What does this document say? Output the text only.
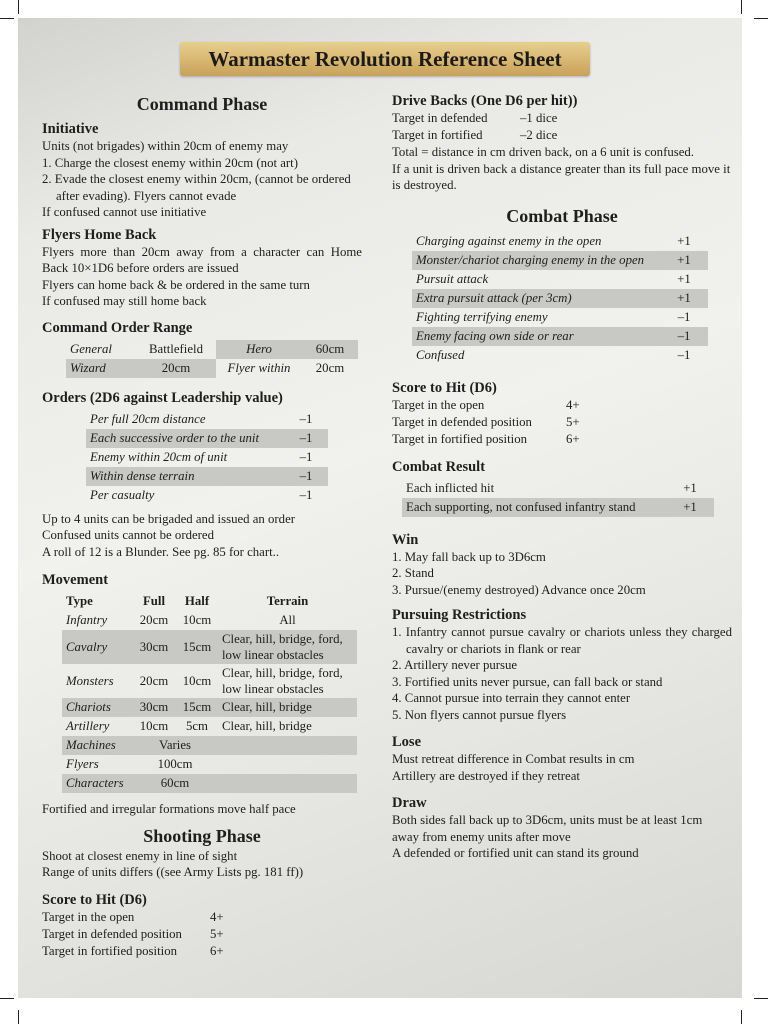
Warmaster Revolution Reference Sheet

Command Phase

Initiative

Units (not brigades) within 20cm of enemy may

1. Charge the closest enemy within 20cm (not art)

2. Evade the closest enemy within 20cm, (cannot be ordered after evading). Flyers cannot evade

If confused cannot use initiative

Flyers Home Back

Flyers more than 20cm away from a character can Home Back 10×1D6 before orders are issued

Flyers can home back & be ordered in the same turn

If confused may still home back

Command Order Range

General	Battlefield	Hero	60cm
Wizard	20cm	Flyer within	20cm

Orders (2D6 against Leadership value)

Per full 20cm distance	–1
Each successive order to the unit	–1
Enemy within 20cm of unit	–1
Within dense terrain	–1
Per casualty	–1

Up to 4 units can be brigaded and issued an order

Confused units cannot be ordered

A roll of 12 is a Blunder. See pg. 85 for chart..

Movement

Type	Full	Half	Terrain
Infantry	20cm	10cm	All
Cavalry	30cm	15cm	Clear, hill, bridge, ford, low linear obstacles
Monsters	20cm	10cm	Clear, hill, bridge, ford, low linear obstacles
Chariots	30cm	15cm	Clear, hill, bridge
Artillery	10cm	5cm	Clear, hill, bridge
Machines	Varies		
Flyers	100cm		
Characters	60cm		

Fortified and irregular formations move half pace

Shooting Phase

Shoot at closest enemy in line of sight

Range of units differs ((see Army Lists pg. 181 ff))

Score to Hit (D6)

Target in the open	4+
Target in defended position	5+
Target in fortified position	6+

Drive Backs (One D6 per hit))

Target in defended	–1 dice
Target in fortified	–2 dice

Total = distance in cm driven back, on a 6 unit is confused.

If a unit is driven back a distance greater than its full pace move it is destroyed.

Combat Phase

Charging against enemy in the open	+1
Monster/chariot charging enemy in the open	+1
Pursuit attack	+1
Extra pursuit attack (per 3cm)	+1
Fighting terrifying enemy	–1
Enemy facing own side or rear	–1
Confused	–1

Score to Hit (D6)

Target in the open	4+
Target in defended position	5+
Target in fortified position	6+

Combat Result

Each inflicted hit	+1
Each supporting, not confused infantry stand	+1

Win

1. May fall back up to 3D6cm

2. Stand

3. Pursue/(enemy destroyed) Advance once 20cm

Pursuing Restrictions

1. Infantry cannot pursue cavalry or chariots unless they charged cavalry or chariots in flank or rear

2. Artillery never pursue

3. Fortified units never pursue, can fall back or stand

4. Cannot pursue into terrain they cannot enter

5. Non flyers cannot pursue flyers

Lose

Must retreat difference in Combat results in cm

Artillery are destroyed if they retreat

Draw

Both sides fall back up to 3D6cm, units must be at least 1cm away from enemy units after move

A defended or fortified unit can stand its ground
